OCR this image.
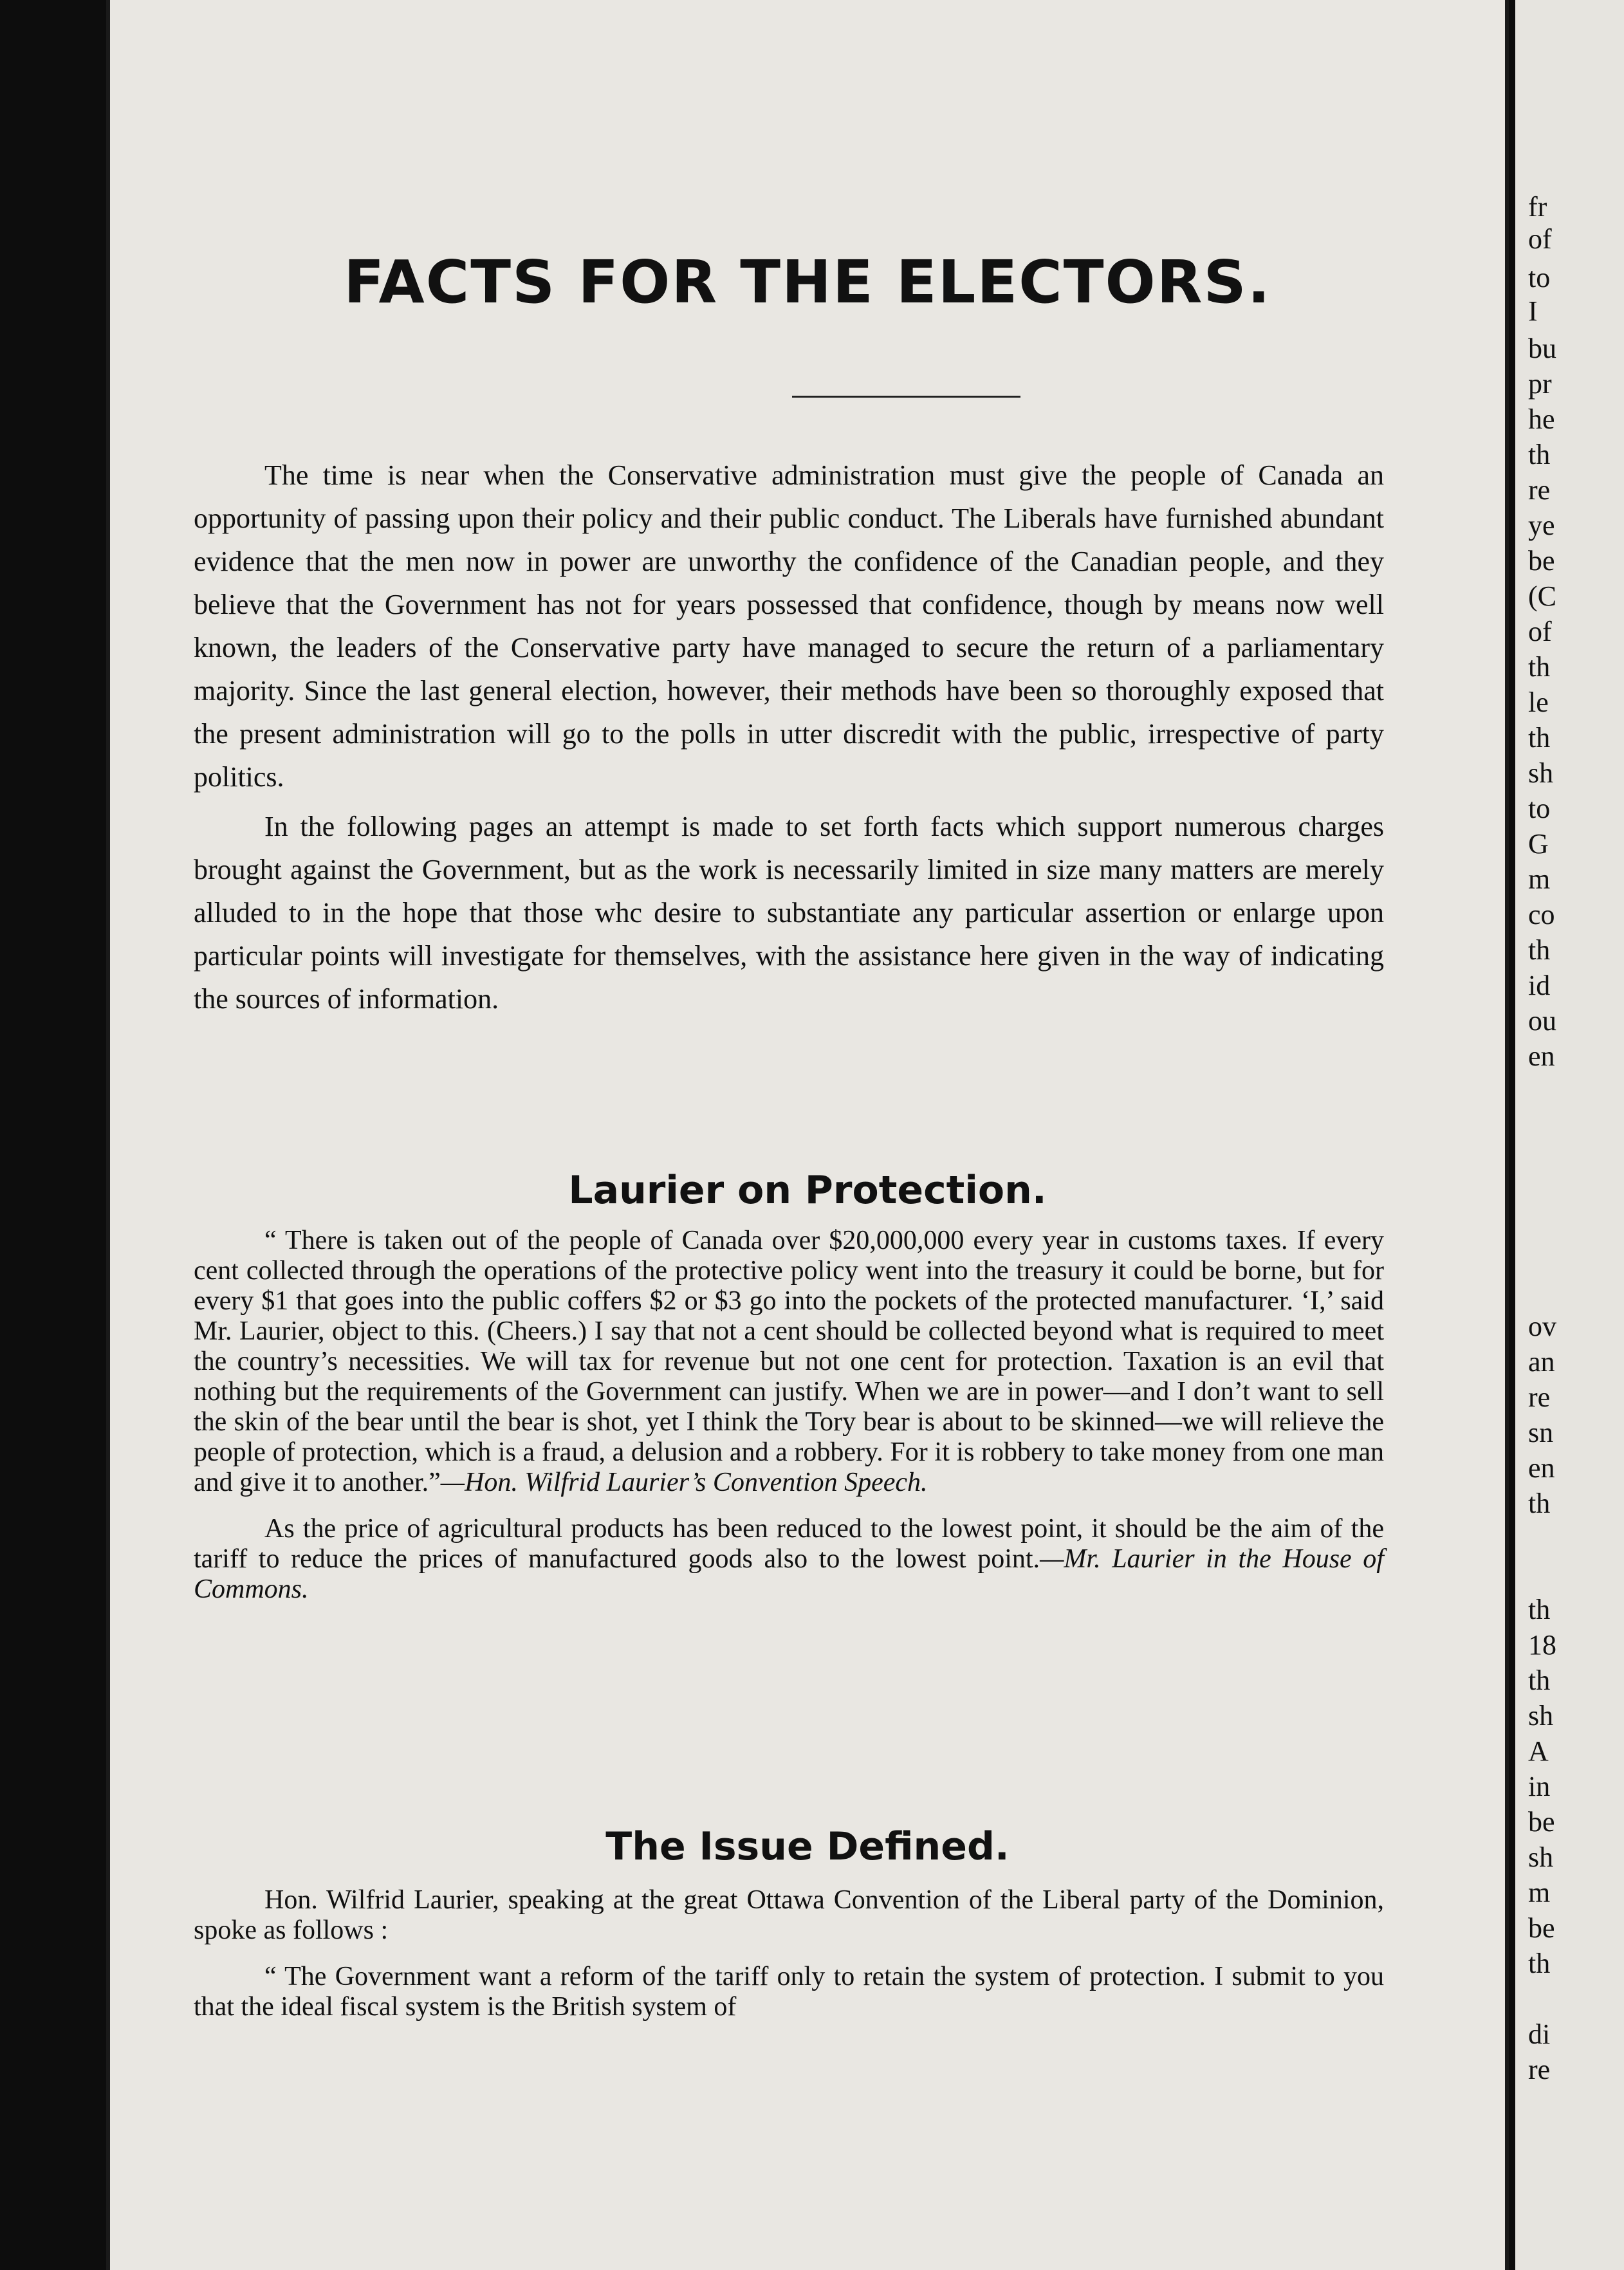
FACTS FOR THE ELECTORS.

The time is near when the Conservative administration must give the people of Canada an opportunity of passing upon their policy and their public conduct. The Liberals have furnished abundant evidence that the men now in power are unworthy the confidence of the Canadian people, and they believe that the Government has not for years possessed that confidence, though by means now well known, the leaders of the Conservative party have managed to secure the return of a parliamentary majority. Since the last general election, however, their methods have been so thoroughly exposed that the present administration will go to the polls in utter discredit with the public, irrespective of party politics.

In the following pages an attempt is made to set forth facts which support numerous charges brought against the Government, but as the work is necessarily limited in size many matters are merely alluded to in the hope that those whc desire to substantiate any particular assertion or enlarge upon particular points will investigate for themselves, with the assistance here given in the way of indicating the sources of information.

Laurier on Protection.

“ There is taken out of the people of Canada over $20,000,000 every year in customs taxes. If every cent collected through the operations of the protective policy went into the treasury it could be borne, but for every $1 that goes into the public coffers $2 or $3 go into the pockets of the protected manufacturer. ‘I,’ said Mr. Laurier, object to this. (Cheers.) I say that not a cent should be collected beyond what is required to meet the country’s necessities. We will tax for revenue but not one cent for protection. Taxation is an evil that nothing but the requirements of the Government can justify. When we are in power—and I don’t want to sell the skin of the bear until the bear is shot, yet I think the Tory bear is about to be skinned—we will relieve the people of protection, which is a fraud, a delusion and a robbery. For it is robbery to take money from one man and give it to another.”—Hon. Wilfrid Laurier’s Convention Speech.

As the price of agricultural products has been reduced to the lowest point, it should be the aim of the tariff to reduce the prices of manufactured goods also to the lowest point.—Mr. Laurier in the House of Commons.

The Issue Defined.

Hon. Wilfrid Laurier, speaking at the great Ottawa Convention of the Liberal party of the Dominion, spoke as follows :

“ The Government want a reform of the tariff only to retain the system of protection. I submit to you that the ideal fiscal system is the British system of

fr
of
to
I
bu
pr
he
th
re
ye
be
(C
of
th
le
th
sh
to
G
m
co
th
id
ou
en
ov
an
re
sn
en
th
th
18
th
sh
A
in
be
sh
m
be
th
di
re
